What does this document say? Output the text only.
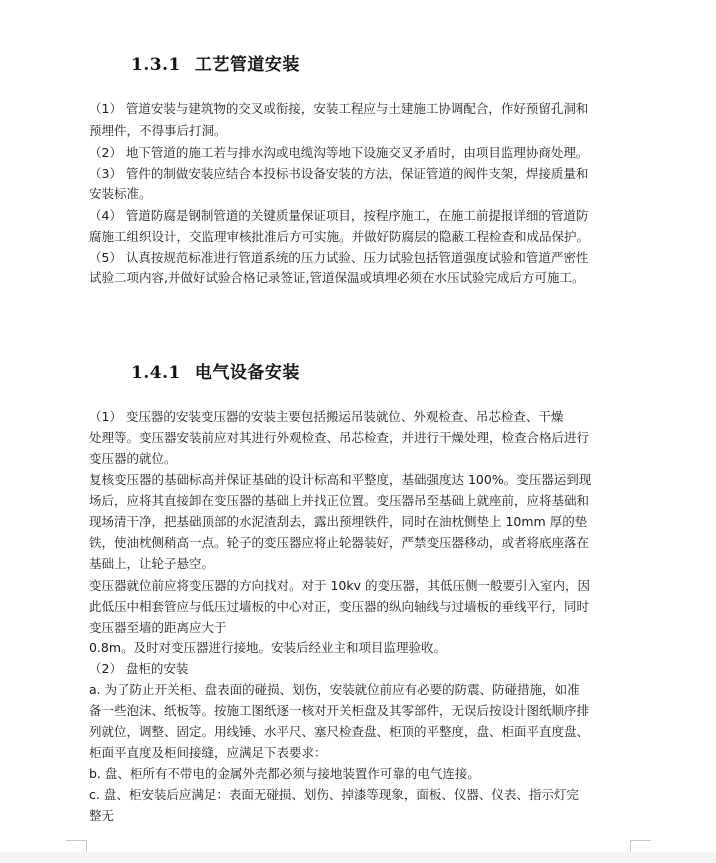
1.3.1 工艺管道安装
（1） 管道安装与建筑物的交叉或衔接，安装工程应与土建施工协调配合，作好预留孔洞和
预埋件，不得事后打洞。
（2） 地下管道的施工若与排水沟或电缆沟等地下设施交叉矛盾时，由项目监理协商处理。
（3） 管件的制做安装应结合本投标书设备安装的方法，保证管道的阀件支架，焊接质量和
安装标准。
（4） 管道防腐是钢制管道的关键质量保证项目，按程序施工，在施工前提报详细的管道防
腐施工组织设计，交监理审核批准后方可实施。并做好防腐层的隐蔽工程检查和成品保护。
（5） 认真按规范标准进行管道系统的压力试验、压力试验包括管道强度试验和管道严密性
试验二项内容,并做好试验合格记录签证,管道保温或填埋必须在水压试验完成后方可施工。
1.4.1 电气设备安装
（1） 变压器的安装变压器的安装主要包括搬运吊装就位、外观检查、吊芯检查、干燥
处理等。变压器安装前应对其进行外观检查、吊芯检查，并进行干燥处理，检查合格后进行
变压器的就位。
复核变压器的基础标高并保证基础的设计标高和平整度，基础强度达 100%。变压器运到现
场后，应将其直接卸在变压器的基础上并找正位置。变压器吊至基础上就座前，应将基础和
现场清干净，把基础顶部的水泥渣刮去，露出预埋铁件，同时在油枕侧垫上 10mm 厚的垫
铁，使油枕侧稍高一点。轮子的变压器应将止轮器装好，严禁变压器移动，或者将底座落在
基础上，让轮子悬空。
变压器就位前应将变压器的方向找对。对于 10kv 的变压器，其低压侧一般要引入室内，因
此低压中相套管应与低压过墙板的中心对正，变压器的纵向轴线与过墙板的垂线平行，同时
变压器至墙的距离应大于
0.8m。及时对变压器进行接地。安装后经业主和项目监理验收。
（2） 盘柜的安装
a. 为了防止开关柜、盘表面的碰损、划伤，安装就位前应有必要的防震、防碰措施，如准
备一些泡沫、纸板等。按施工图纸逐一核对开关柜盘及其零部件，无误后按设计图纸顺序排
列就位，调整、固定。用线锤、水平尺、塞尺检查盘、柜顶的平整度，盘、柜面平直度盘、
柜面平直度及柜间接缝，应满足下表要求：
b. 盘、柜所有不带电的金属外壳都必须与接地装置作可靠的电气连接。
c. 盘、柜安装后应满足：表面无碰损、划伤、掉漆等现象，面板、仪器、仪表、指示灯完
整无
